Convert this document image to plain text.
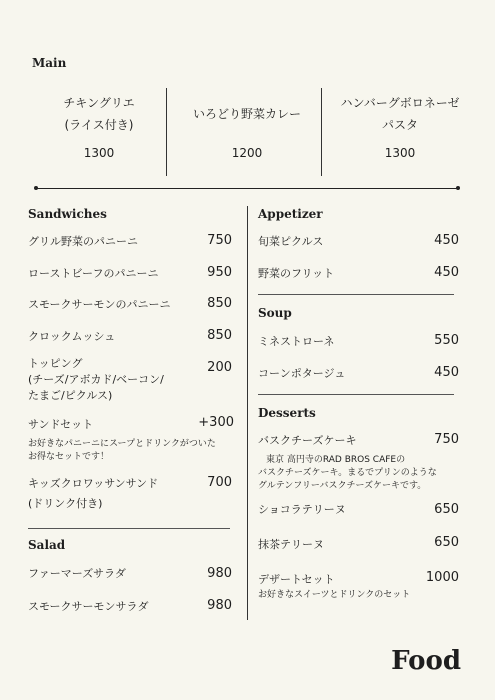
Main
チキングリエ
(ライス付き)
1300
いろどり野菜カレー
1200
ハンバーグボロネーゼ
パスタ
1300
Sandwiches
グリル野菜のパニーニ	750
ローストビーフのパニーニ	950
スモークサーモンのパニーニ	850
クロックムッシュ	850
トッピング
(チーズ/アボカド/ベーコン/
たまご/ピクルス)
200
サンドセット	+300
お好きなパニーニにスープとドリンクがついた
お得なセットです！
キッズクロワッサンサンド
(ドリンク付き)
700
Salad
ファーマーズサラダ	980
スモークサーモンサラダ	980
Appetizer
旬菜ピクルス	450
野菜のフリット	450
Soup
ミネストローネ	550
コーンポタージュ	450
Desserts
バスクチーズケーキ	750
東京 高円寺のRAD BROS CAFEの
バスクチーズケーキ。まるでプリンのような
グルテンフリーバスクチーズケーキです。
ショコラテリーヌ	650
抹茶テリーヌ	650
デザートセット	1000
お好きなスイーツとドリンクのセット
Food
